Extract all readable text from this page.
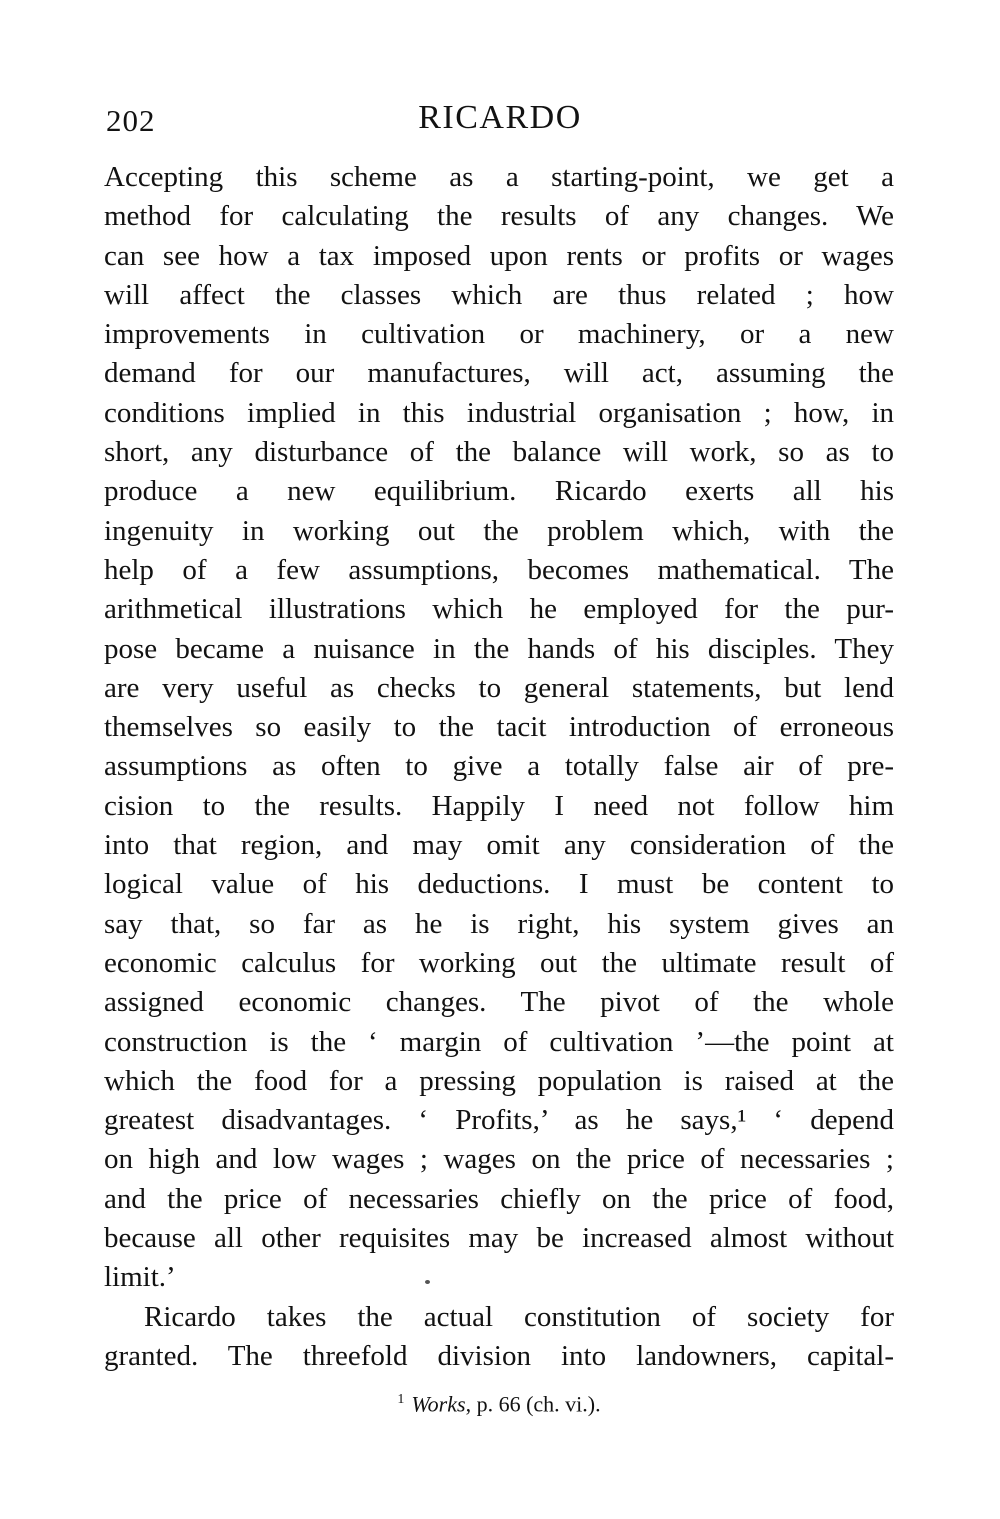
202	RICARDO

Accepting this scheme as a starting-point, we get a
method for calculating the results of any changes. We
can see how a tax imposed upon rents or profits or wages
will affect the classes which are thus related ; how
improvements in cultivation or machinery, or a new
demand for our manufactures, will act, assuming the
conditions implied in this industrial organisation ; how, in
short, any disturbance of the balance will work, so as to
produce a new equilibrium. Ricardo exerts all his
ingenuity in working out the problem which, with the
help of a few assumptions, becomes mathematical. The
arithmetical illustrations which he employed for the pur-
pose became a nuisance in the hands of his disciples. They
are very useful as checks to general statements, but lend
themselves so easily to the tacit introduction of erroneous
assumptions as often to give a totally false air of pre-
cision to the results. Happily I need not follow him
into that region, and may omit any consideration of the
logical value of his deductions. I must be content to
say that, so far as he is right, his system gives an
economic calculus for working out the ultimate result of
assigned economic changes. The pivot of the whole
construction is the ‘ margin of cultivation ’—the point at
which the food for a pressing population is raised at the
greatest disadvantages. ‘ Profits,’ as he says,¹ ‘ depend
on high and low wages ; wages on the price of necessaries ;
and the price of necessaries chiefly on the price of food,
because all other requisites may be increased almost without
limit.’

Ricardo takes the actual constitution of society for
granted. The threefold division into landowners, capital-

$^1$ Works, p. 66 (ch. vi.).
